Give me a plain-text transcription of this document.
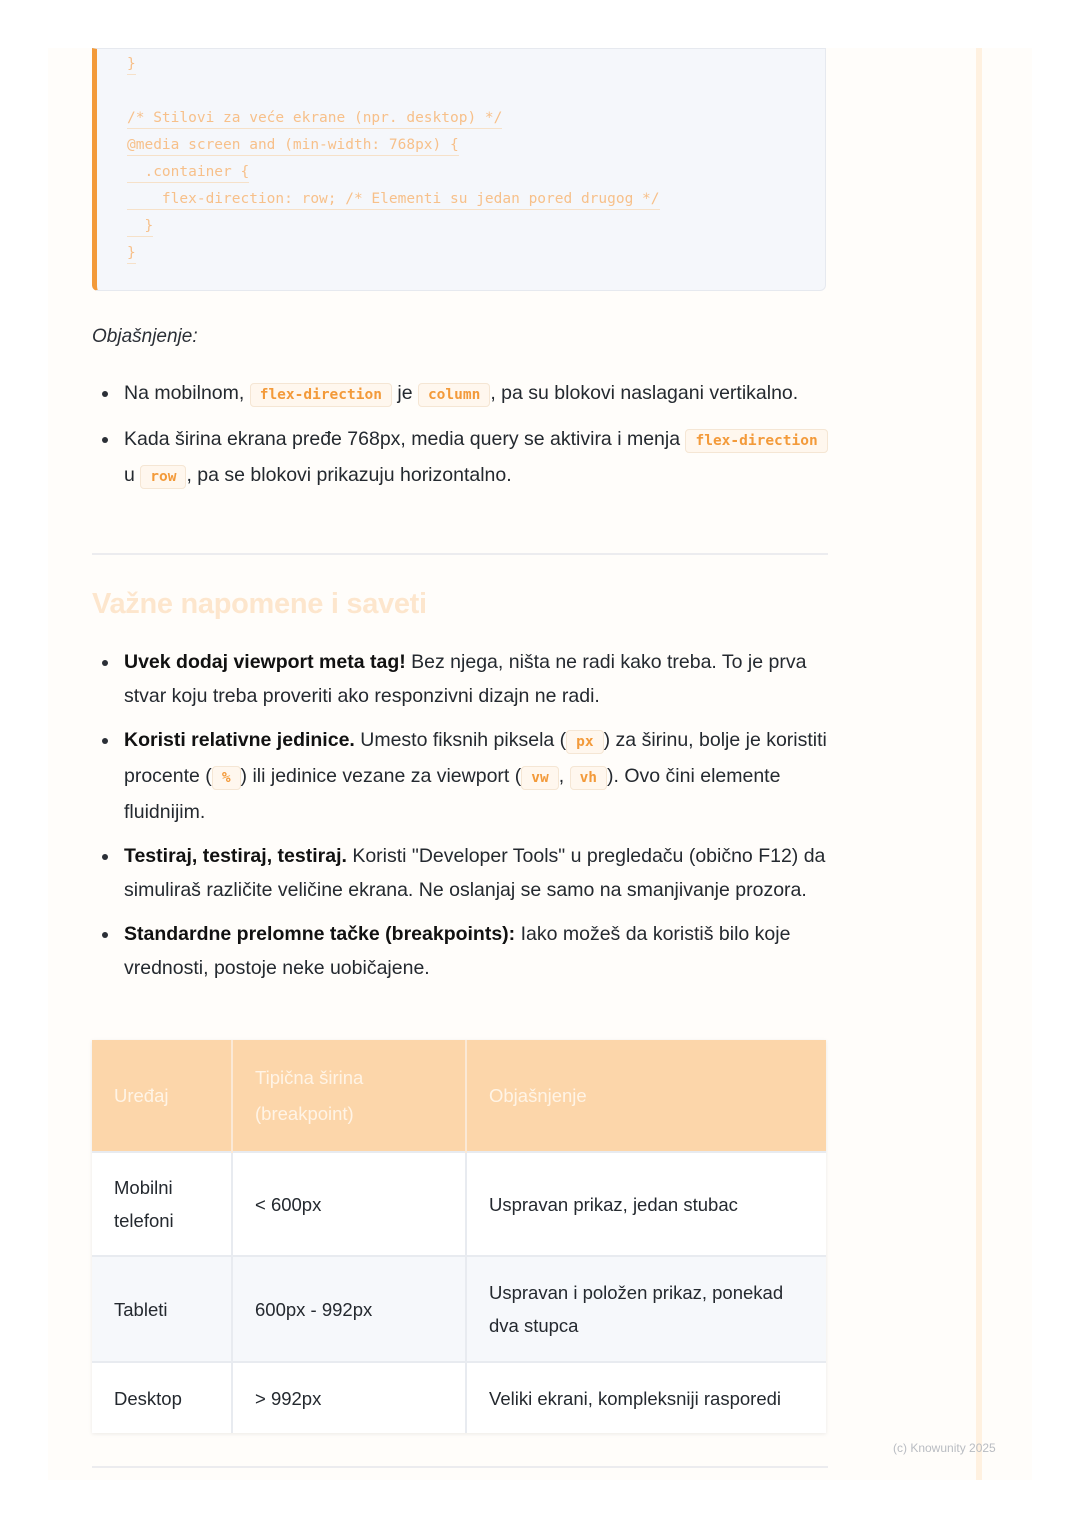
}
/* Stilovi za veće ekrane (npr. desktop) */
@media screen and (min-width: 768px) {
.container {
flex-direction: row; /* Elementi su jedan pored drugog */
}
}
Objašnjenje:
Na mobilnom, flex-direction je column , pa su blokovi naslagani vertikalno.
Kada širina ekrana pređe 768px, media query se aktivira i menja flex-direction u row , pa se blokovi prikazuju horizontalno.
Važne napomene i saveti
Uvek dodaj viewport meta tag! Bez njega, ništa ne radi kako treba. To je prva stvar koju treba proveriti ako responzivni dizajn ne radi.
Koristi relativne jedinice. Umesto fiksnih piksela ( px ) za širinu, bolje je koristiti procente ( % ) ili jedinice vezane za viewport ( vw , vh ). Ovo čini elemente fluidnijim.
Testiraj, testiraj, testiraj. Koristi "Developer Tools" u pregledaču (obično F12) da simuliraš različite veličine ekrana. Ne oslanjaj se samo na smanjivanje prozora.
Standardne prelomne tačke (breakpoints): Iako možeš da koristiš bilo koje vrednosti, postoje neke uobičajene.
Uređaj	Tipična širina (breakpoint)	Objašnjenje
Mobilni telefoni	< 600px	Uspravan prikaz, jedan stubac
Tableti	600px - 992px	Uspravan i položen prikaz, ponekad dva stupca
Desktop	> 992px	Veliki ekrani, kompleksniji rasporedi
(c) Knowunity 2025
